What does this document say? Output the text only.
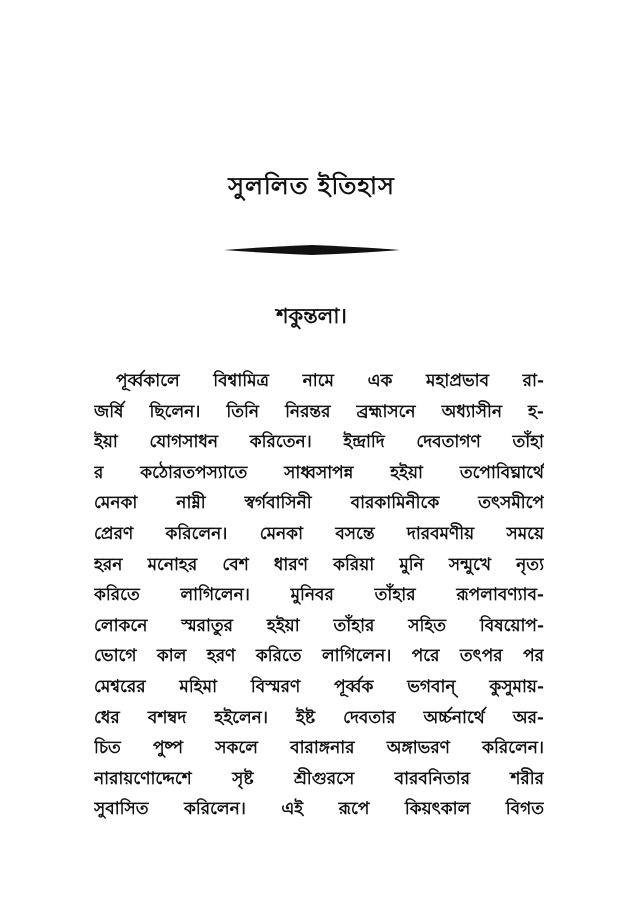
সুললিত ইতিহাস
শকুন্তলা।
পূর্ব্বকালে বিশ্বামিত্র নামে এক মহাপ্রভাব রা-
জর্ষি ছিলেন। তিনি নিরন্তর ব্রহ্মাসনে অধ্যাসীন হ-
ইয়া যোগসাধন করিতেন। ইন্দ্রাদি দেবতাগণ তাঁহা
র কঠোরতপস্যাতে সাধ্বসাপন্ন হইয়া তপোবিঘ্নার্থে
মেনকা নাম্নী স্বর্গবাসিনী বারকামিনীকে তৎসমীপে
প্রেরণ করিলেন। মেনকা বসন্তে দারবমণীয় সময়ে
হরন মনোহর বেশ ধারণ করিয়া মুনি সন্মুখে নৃত্য
করিতে লাগিলেন। মুনিবর তাঁহার রূপলাবণ্যাব-
লোকনে স্মরাতুর হইয়া তাঁহার সহিত বিষয়োপ-
ভোগে কাল হরণ করিতে লাগিলেন। পরে তৎপর পর
মেশ্বরের মহিমা বিস্মরণ পূর্ব্বক ভগবান্ কুসুমায়-
ধের বশম্বদ হইলেন। ইষ্ট দেবতার অর্চ্চনার্থে অর-
চিত পুষ্প সকলে বারাঙ্গনার অঙ্গাভরণ করিলেন।
নারায়ণোদ্দেশে সৃষ্ট শ্রীগুরসে বারবনিতার শরীর
সুবাসিত করিলেন। এই রূপে কিয়ৎকাল বিগত
